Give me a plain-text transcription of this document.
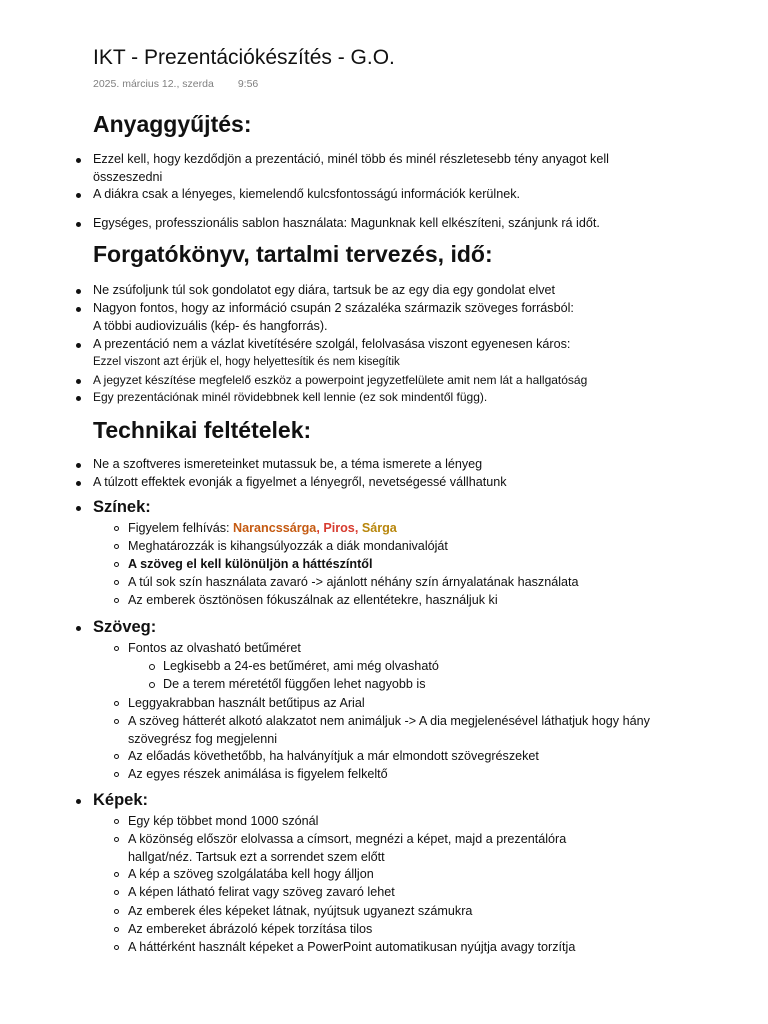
IKT - Prezentációkészítés - G.O.
2025. március 12., szerda 9:56
Anyaggyűjtés:
Ezzel kell, hogy kezdődjön a prezentáció, minél több és minél részletesebb tény anyagot kell összeszedni
A diákra csak a lényeges, kiemelendő kulcsfontosságú információk kerülnek.
Egységes, professzionális sablon használata: Magunknak kell elkészíteni, szánjunk rá időt.
Forgatókönyv, tartalmi tervezés, idő:
Ne zsúfoljunk túl sok gondolatot egy diára, tartsuk be az egy dia egy gondolat elvet
Nagyon fontos, hogy az információ csupán 2 százaléka származik szöveges forrásból:
A többi audiovizuális (kép- és hangforrás).
A prezentáció nem a vázlat kivetítésére szolgál, felolvasása viszont egyenesen káros:
Ezzel viszont azt érjük el, hogy helyettesítik és nem kisegítik
A jegyzet készítése megfelelő eszköz a powerpoint jegyzetfelülete amit nem lát a hallgatóság
Egy prezentációnak minél rövidebbnek kell lennie (ez sok mindentől függ).
Technikai feltételek:
Ne a szoftveres ismereteinket mutassuk be, a téma ismerete a lényeg
A túlzott effektek evonják a figyelmet a lényegről, nevetségessé vállhatunk
Színek:
Figyelem felhívás: Narancssárga, Piros, Sárga
Meghatározzák is kihangsúlyozzák a diák mondanivalóját
A szöveg el kell különüljön a háttészíntől
A túl sok szín használata zavaró -> ajánlott néhány szín árnyalatának használata
Az emberek ösztönösen fókuszálnak az ellentétekre, használjuk ki
Szöveg:
Fontos az olvasható betűméret
Legkisebb a 24-es betűméret, ami még olvasható
De a terem méretétől függően lehet nagyobb is
Leggyakrabban használt betűtipus az Arial
A szöveg hátterét alkotó alakzatot nem animáljuk -> A dia megjelenésével láthatjuk hogy hány szövegrész fog megjelenni
Az előadás követhetőbb, ha halványítjuk a már elmondott szövegrészeket
Az egyes részek animálása is figyelem felkeltő
Képek:
Egy kép többet mond 1000 szónál
A közönség először elolvassa a címsort, megnézi a képet, majd a prezentálóra hallgat/néz. Tartsuk ezt a sorrendet szem előtt
A kép a szöveg szolgálatába kell hogy álljon
A képen látható felirat vagy szöveg zavaró lehet
Az emberek éles képeket látnak, nyújtsuk ugyanezt számukra
Az embereket ábrázoló képek torzítása tilos
A háttérként használt képeket a PowerPoint automatikusan nyújtja avagy torzítja
